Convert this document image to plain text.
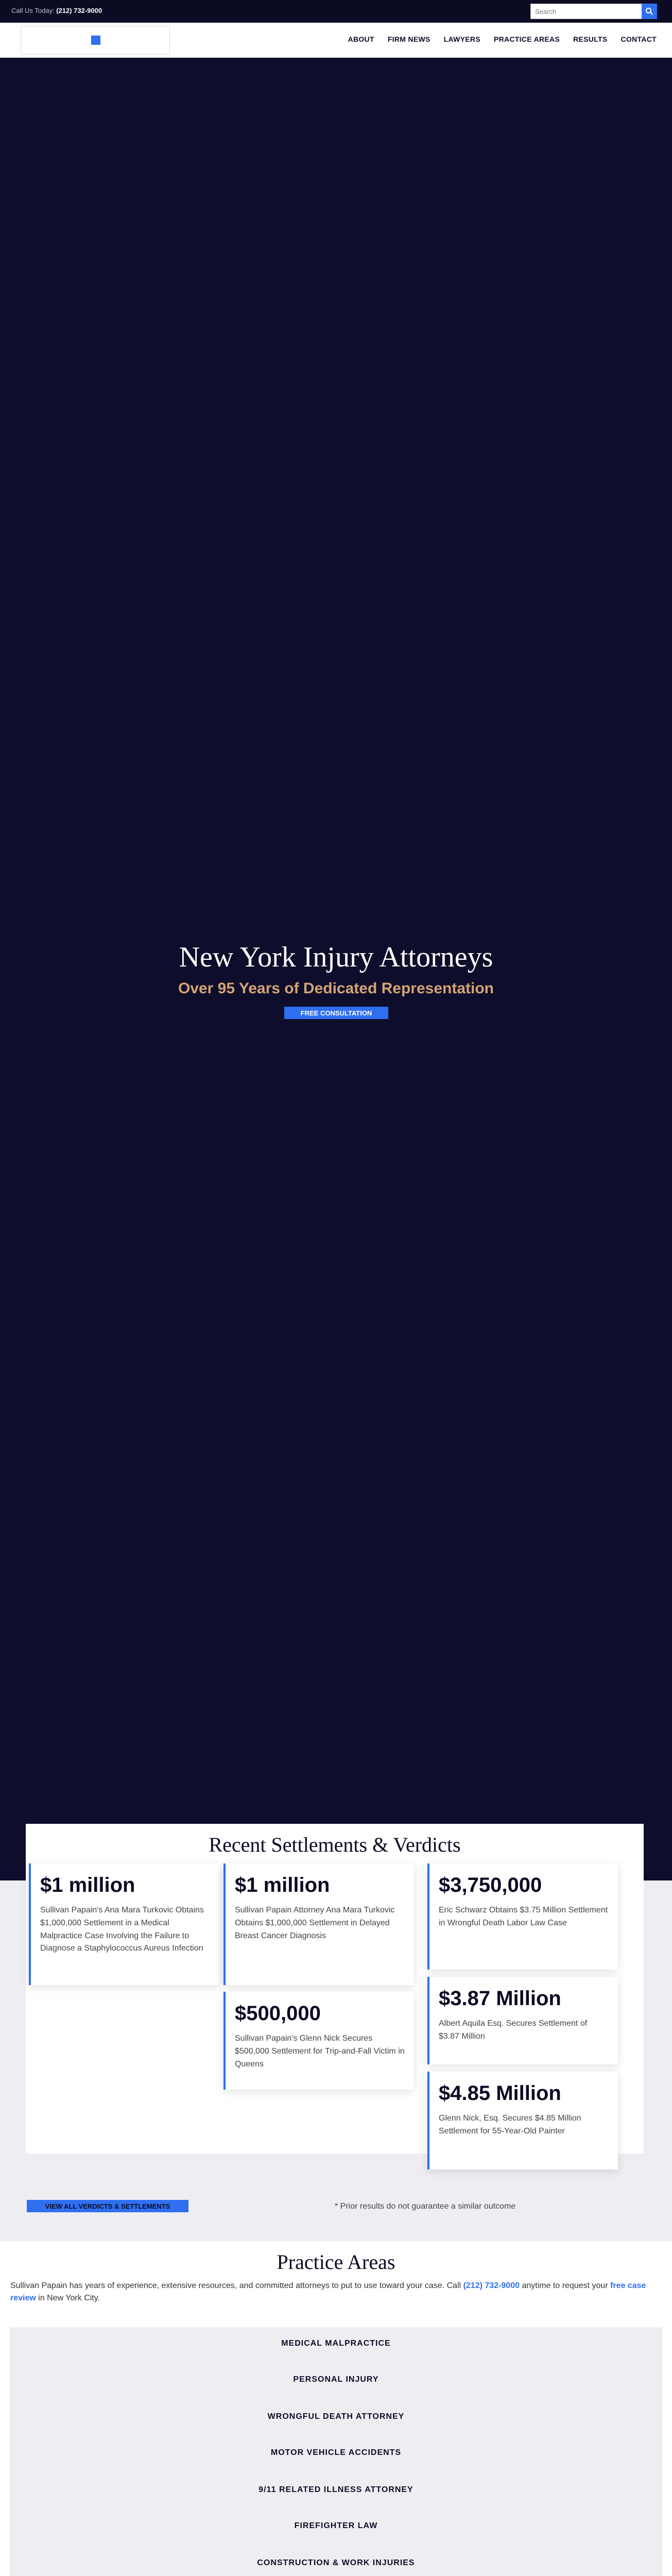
Call Us Today: (212) 732-9000	Search
ABOUT FIRM NEWS LAWYERS PRACTICE AREAS RESULTS CONTACT
New York Injury Attorneys
Over 95 Years of Dedicated Representation
FREE CONSULTATION
Recent Settlements & Verdicts
$1 million
Sullivan Papain's Ana Mara Turkovic Obtains $1,000,000 Settlement in a Medical Malpractice Case Involving the Failure to Diagnose a Staphylococcus Aureus Infection
$1 million
Sullivan Papain Attorney Ana Mara Turkovic Obtains $1,000,000 Settlement in Delayed Breast Cancer Diagnosis
$3,750,000
Eric Schwarz Obtains $3.75 Million Settlement in Wrongful Death Labor Law Case
$500,000
Sullivan Papain's Glenn Nick Secures $500,000 Settlement for Trip-and-Fall Victim in Queens
$3.87 Million
Albert Aquila Esq. Secures Settlement of $3.87 Million
$4.85 Million
Glenn Nick, Esq. Secures $4.85 Million Settlement for 55-Year-Old Painter
VIEW ALL VERDICTS & SETTLEMENTS	* Prior results do not guarantee a similar outcome
Practice Areas
Sullivan Papain has years of experience, extensive resources, and committed attorneys to put to use toward your case. Call (212) 732-9000 anytime to request your free case review in New York City.
MEDICAL MALPRACTICE
PERSONAL INJURY
WRONGFUL DEATH ATTORNEY
MOTOR VEHICLE ACCIDENTS
9/11 RELATED ILLNESS ATTORNEY
FIREFIGHTER LAW
CONSTRUCTION & WORK INJURIES
